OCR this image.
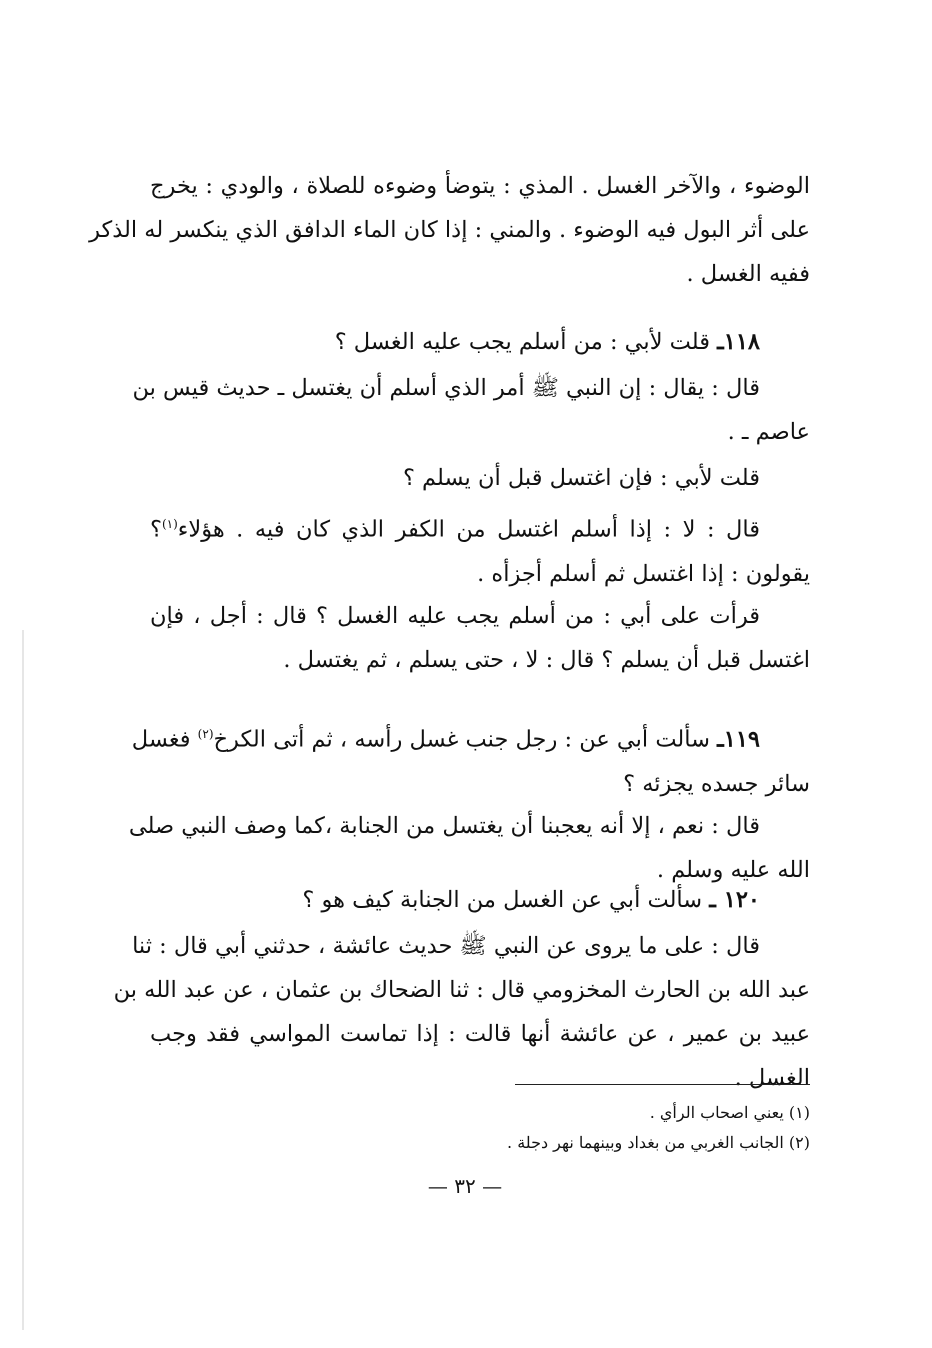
الوضوء ، والآخر الغسل . المذي : يتوضأ وضوءه للصلاة ، والودي : يخرج
على أثر البول فيه الوضوء . والمني : إذا كان الماء الدافق الذي ينكسر له الذكر
ففيه الغسل .
١١٨ـ قلت لأبي : من أسلم يجب عليه الغسل ؟
قال : يقال : إن النبي ﷺ أمر الذي أسلم أن يغتسل ـ حديث قيس بن
عاصم ـ .
قلت لأبي : فإن اغتسل قبل أن يسلم ؟
قال : لا : إذا أسلم اغتسل من الكفر الذي كان فيه . هؤلاء$^{(١)}$؟
يقولون : إذا اغتسل ثم أسلم أجزأه .
قرأت على أبي : من أسلم يجب عليه الغسل ؟ قال : أجل ، فإن
اغتسل قبل أن يسلم ؟ قال : لا ، حتى يسلم ، ثم يغتسل .
١١٩ـ سألت أبي عن : رجل جنب غسل رأسه ، ثم أتى الكرخ$^{(٢)}$ فغسل
سائر جسده يجزئه ؟
قال : نعم ، إلا أنه يعجبنا أن يغتسل من الجنابة ،كما وصف النبي صلى
الله عليه وسلم .
١٢٠ ـ سألت أبي عن الغسل من الجنابة كيف هو ؟
قال : على ما يروى عن النبي ﷺ حديث عائشة ، حدثني أبي قال : ثنا
عبد الله بن الحارث المخزومي قال : ثنا الضحاك بن عثمان ، عن عبد الله بن
عبيد بن عمير ، عن عائشة أنها قالت : إذا تماست المواسي فقد وجب
الغسل .
(١) يعني اصحاب الرأي .
(٢) الجانب الغربي من بغداد وبينهما نهر دجلة .
— ٣٢ —
